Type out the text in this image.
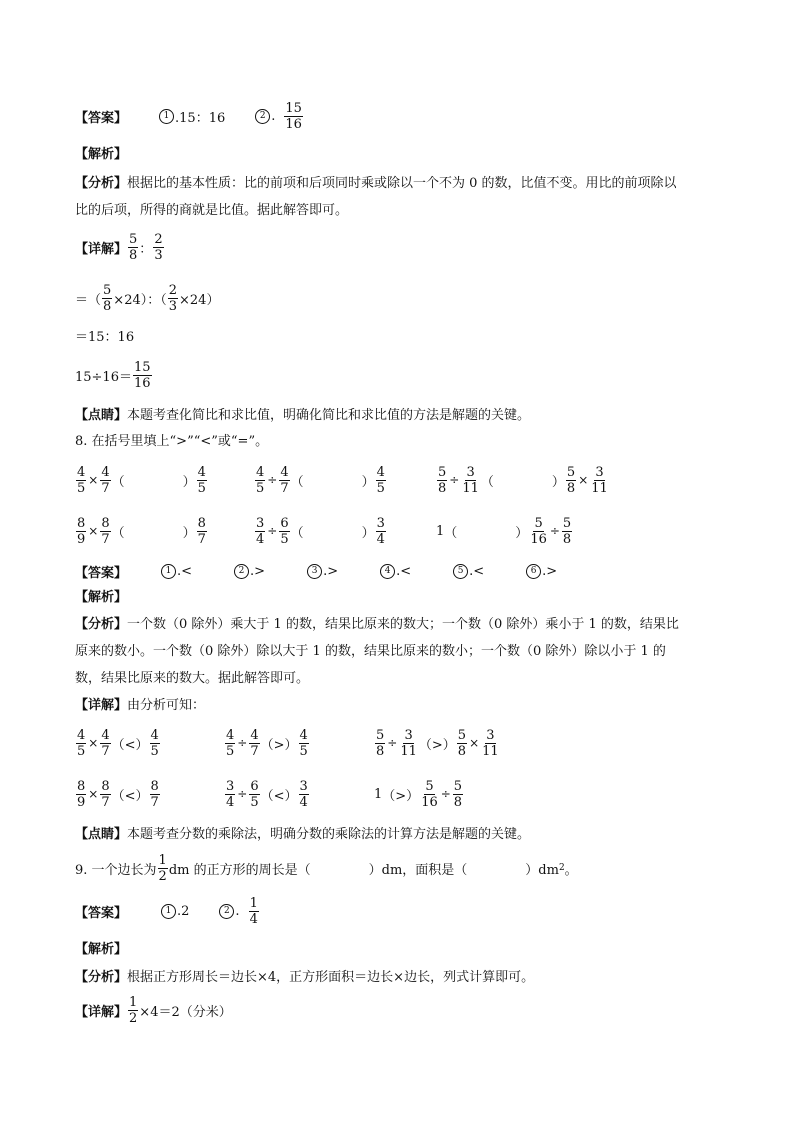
【答案】	1 .15：16	2 . $\frac{15}{16}$
【解析】
【分析】根据比的基本性质：比的前项和后项同时乘或除以一个不为 0 的数，比值不变。用比的前项除以
比的后项，所得的商就是比值。据此解答即可。
【详解】 $\frac{5}{8}$ ： $\frac{2}{3}$
＝（ $\frac{5}{8} \times 24$）：（ $\frac{2}{3} \times 24$）
＝15：16
$15\div 16= \frac{15}{16}$
【点睛】本题考查化简比和求比值，明确化简比和求比值的方法是解题的关键。
8. 在括号里填上“>”“<”或“=”。
$\frac{4}{5} \times \frac{4}{7}$ （	） $\frac{4}{5}$	$\frac{4}{5} \div \frac{4}{7}$ （	） $\frac{4}{5}$	$\frac{5}{8} \div \frac{3}{11}$ （	） $\frac{5}{8} \times \frac{3}{11}$
$\frac{8}{9} \times \frac{8}{7}$ （	） $\frac{8}{7}$	$\frac{3}{4} \div \frac{6}{5}$ （	） $\frac{3}{4}$	1 （	） $\frac{5}{16} \div \frac{5}{8}$
【答案】	1 .<	2 .>	3 .>	4 .<	5 .<	6 .>
【解析】
【分析】一个数（0 除外）乘大于 1 的数，结果比原来的数大；一个数（0 除外）乘小于 1 的数，结果比
原来的数小。一个数（0 除外）除以大于 1 的数，结果比原来的数小；一个数（0 除外）除以小于 1 的
数，结果比原来的数大。据此解答即可。
【详解】由分析可知：
$\frac{4}{5} \times \frac{4}{7}$ （<） $\frac{4}{5}$	$\frac{4}{5} \div \frac{4}{7}$ （>） $\frac{4}{5}$	$\frac{5}{8} \div \frac{3}{11}$ （>） $\frac{5}{8} \times \frac{3}{11}$
$\frac{8}{9} \times \frac{8}{7}$ （<） $\frac{8}{7}$	$\frac{3}{4} \div \frac{6}{5}$ （<） $\frac{3}{4}$	1 （>） $\frac{5}{16} \div \frac{5}{8}$
【点睛】本题考查分数的乘除法，明确分数的乘除法的计算方法是解题的关键。
9. 一个边长为 $\frac{1}{2}$ dm 的正方形的周长是（	）dm，面积是（	）dm 2 。
【答案】	1 .2	2 . $\frac{1}{4}$
【解析】
【分析】根据正方形周长＝边长×4，正方形面积＝边长×边长，列式计算即可。
【详解】 $\frac{1}{2} \times 4=2$（分米）
